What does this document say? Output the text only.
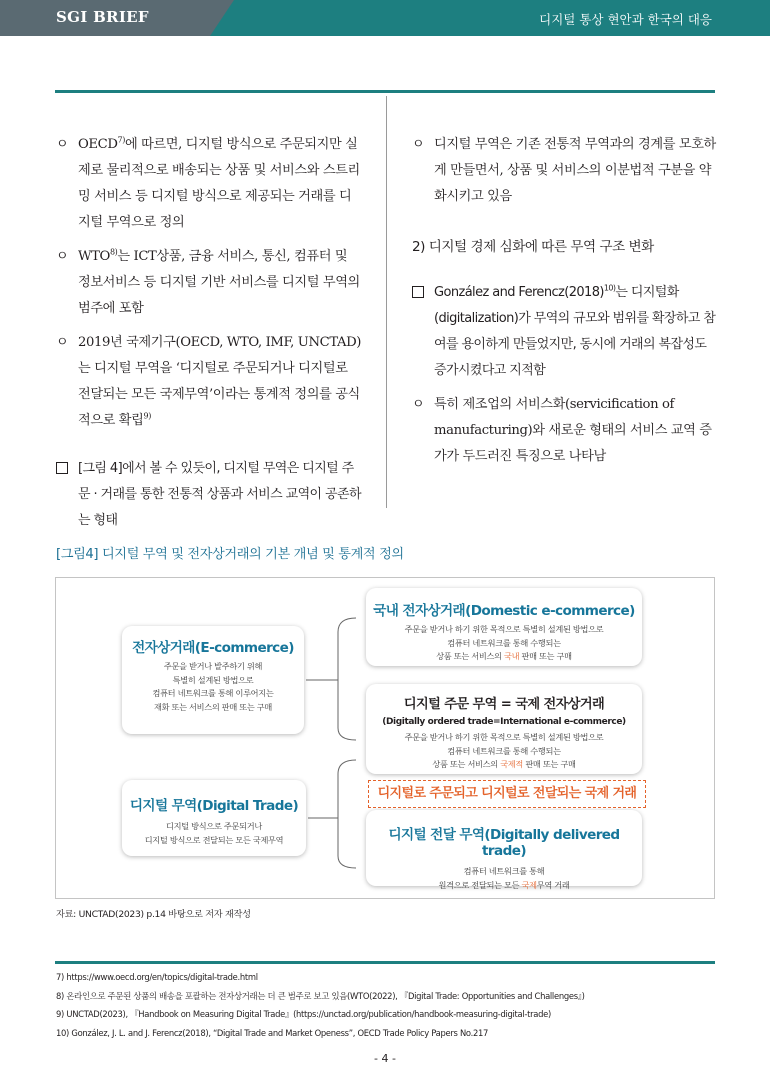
SGI BRIEF	디지털 통상 현안과 한국의 대응
ㅇ OECD$^{7)}$에 따르면, 디지털 방식으로 주문되지만 실제로 물리적으로 배송되는 상품 및 서비스와 스트리밍 서비스 등 디지털 방식으로 제공되는 거래를 디지털 무역으로 정의
ㅇ WTO$^{8)}$는 ICT상품, 금융 서비스, 통신, 컴퓨터 및 정보서비스 등 디지털 기반 서비스를 디지털 무역의 범주에 포함
ㅇ 2019년 국제기구(OECD, WTO, IMF, UNCTAD)는 디지털 무역을 ‘디지털로 주문되거나 디지털로 전달되는 모든 국제무역’이라는 통계적 정의를 공식적으로 확립$^{9)}$
[그림 4]에서 볼 수 있듯이, 디지털 무역은 디지털 주문 · 거래를 통한 전통적 상품과 서비스 교역이 공존하는 형태
ㅇ 디지털 무역은 기존 전통적 무역과의 경계를 모호하게 만들면서, 상품 및 서비스의 이분법적 구분을 약화시키고 있음
2) 디지털 경제 심화에 따른 무역 구조 변화
González and $Ferencz(2018)^{10)}$는 디지털화(digitalization)가 무역의 규모와 범위를 확장하고 참여를 용이하게 만들었지만, 동시에 거래의 복잡성도 증가시켰다고 지적함
ㅇ 특히 제조업의 서비스화(servicification of manufacturing)와 새로운 형태의 서비스 교역 증가가 두드러진 특징으로 나타남
[그림4] 디지털 무역 및 전자상거래의 기본 개념 및 통계적 정의
전자상거래(E-commerce)
주문을 받거나 발주하기 위해
특별히 설계된 방법으로
컴퓨터 네트워크를 통해 이루어지는
재화 또는 서비스의 판매 또는 구매
디지털 무역(Digital Trade)
디지털 방식으로 주문되거나
디지털 방식으로 전달되는 모든 국제무역
국내 전자상거래(Domestic e-commerce)
주문을 받거나 하기 위한 목적으로 특별히 설계된 방법으로
컴퓨터 네트워크를 통해 수행되는
상품 또는 서비스의 국내 판매 또는 구매
디지털 주문 무역 = 국제 전자상거래
(Digitally ordered trade=International e-commerce)
주문을 받거나 하기 위한 목적으로 특별히 설계된 방법으로
컴퓨터 네트워크를 통해 수행되는
상품 또는 서비스의 국제적 판매 또는 구매
디지털 전달 무역(Digitally delivered trade)
컴퓨터 네트워크를 통해
원격으로 전달되는 모든 국제무역 거래
디지털로 주문되고 디지털로 전달되는 국제 거래
자료: UNCTAD(2023) p.14 바탕으로 저자 재작성
7) https://www.oecd.org/en/topics/digital-trade.html
8) 온라인으로 주문된 상품의 배송을 포괄하는 전자상거래는 더 큰 범주로 보고 있음(WTO(2022), 『Digital Trade: Opportunities and Challenges』)
9) UNCTAD(2023), 『Handbook on Measuring Digital Trade』(https://unctad.org/publication/handbook-measuring-digital-trade)
10) González, J. L. and J. Ferencz(2018), “Digital Trade and Market Openess”, OECD Trade Policy Papers No.217
- 4 -
